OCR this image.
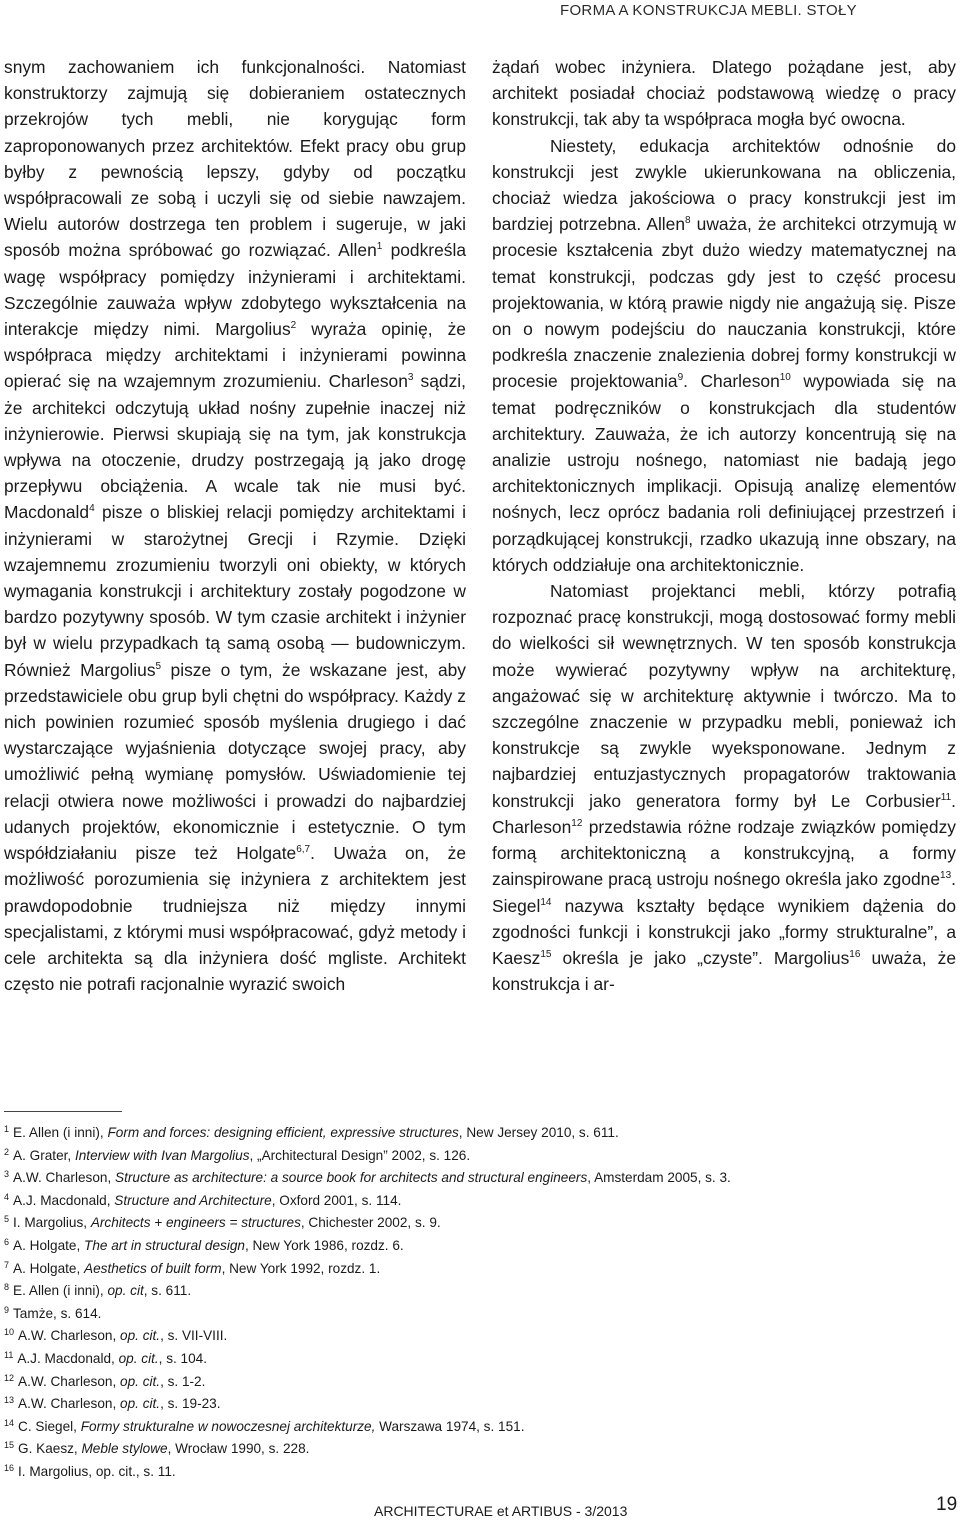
FORMA A KONSTRUKCJA MEBLI. STOŁY

snym zachowaniem ich funkcjonalności. Natomiast konstruktorzy zajmują się dobieraniem ostatecznych przekrojów tych mebli, nie korygując form zaproponowanych przez architektów. Efekt pracy obu grup byłby z pewnością lepszy, gdyby od początku współpracowali ze sobą i uczyli się od siebie nawzajem. Wielu autorów dostrzega ten problem i sugeruje, w jaki sposób można spróbować go rozwiązać. Allen$^1$ podkreśla wagę współpracy pomiędzy inżynierami i architektami. Szczególnie zauważa wpływ zdobytego wykształcenia na interakcje między nimi. Margolius$^2$ wyraża opinię, że współpraca między architektami i inżynierami powinna opierać się na wzajemnym zrozumieniu. Charleson$^3$ sądzi, że architekci odczytują układ nośny zupełnie inaczej niż inżynierowie. Pierwsi skupiają się na tym, jak konstrukcja wpływa na otoczenie, drudzy postrzegają ją jako drogę przepływu obciążenia. A wcale tak nie musi być. Macdonald$^4$ pisze o bliskiej relacji pomiędzy architektami i inżynierami w starożytnej Grecji i Rzymie. Dzięki wzajemnemu zrozumieniu tworzyli oni obiekty, w których wymagania konstrukcji i architektury zostały pogodzone w bardzo pozytywny sposób. W tym czasie architekt i inżynier był w wielu przypadkach tą samą osobą — budowniczym. Również Margolius$^5$ pisze o tym, że wskazane jest, aby przedstawiciele obu grup byli chętni do współpracy. Każdy z nich powinien rozumieć sposób myślenia drugiego i dać wystarczające wyjaśnienia dotyczące swojej pracy, aby umożliwić pełną wymianę pomysłów. Uświadomienie tej relacji otwiera nowe możliwości i prowadzi do najbardziej udanych projektów, ekonomicznie i estetycznie. O tym współdziałaniu pisze też Holgate$^{6,7}$. Uważa on, że możliwość porozumienia się inżyniera z architektem jest prawdopodobnie trudniejsza niż między innymi specjalistami, z którymi musi współpracować, gdyż metody i cele architekta są dla inżyniera dość mgliste. Architekt często nie potrafi racjonalnie wyrazić swoich

żądań wobec inżyniera. Dlatego pożądane jest, aby architekt posiadał chociaż podstawową wiedzę o pracy konstrukcji, tak aby ta współpraca mogła być owocna.

Niestety, edukacja architektów odnośnie do konstrukcji jest zwykle ukierunkowana na obliczenia, chociaż wiedza jakościowa o pracy konstrukcji jest im bardziej potrzebna. Allen$^8$ uważa, że architekci otrzymują w procesie kształcenia zbyt dużo wiedzy matematycznej na temat konstrukcji, podczas gdy jest to część procesu projektowania, w którą prawie nigdy nie angażują się. Pisze on o nowym podejściu do nauczania konstrukcji, które podkreśla znaczenie znalezienia dobrej formy konstrukcji w procesie projektowania$^9$. Charleson$^{10}$ wypowiada się na temat podręczników o konstrukcjach dla studentów architektury. Zauważa, że ich autorzy koncentrują się na analizie ustroju nośnego, natomiast nie badają jego architektonicznych implikacji. Opisują analizę elementów nośnych, lecz oprócz badania roli definiującej przestrzeń i porządkującej konstrukcji, rzadko ukazują inne obszary, na których oddziałuje ona architektonicznie.

Natomiast projektanci mebli, którzy potrafią rozpoznać pracę konstrukcji, mogą dostosować formy mebli do wielkości sił wewnętrznych. W ten sposób konstrukcja może wywierać pozytywny wpływ na architekturę, angażować się w architekturę aktywnie i twórczo. Ma to szczególne znaczenie w przypadku mebli, ponieważ ich konstrukcje są zwykle wyeksponowane. Jednym z najbardziej entuzjastycznych propagatorów traktowania konstrukcji jako generatora formy był Le Corbusier$^{11}$. Charleson$^{12}$ przedstawia różne rodzaje związków pomiędzy formą architektoniczną a konstrukcyjną, a formy zainspirowane pracą ustroju nośnego określa jako zgodne$^{13}$. Siegel$^{14}$ nazywa kształty będące wynikiem dążenia do zgodności funkcji i konstrukcji jako „formy strukturalne”, a Kaesz$^{15}$ określa je jako „czyste”. Margolius$^{16}$ uważa, że konstrukcja i ar-

$^1$ E. Allen (i inni), Form and forces: designing efficient, expressive structures, New Jersey 2010, s. 611.
$^2$ A. Grater, Interview with Ivan Margolius, „Architectural Design” 2002, s. 126.
$^3$ A.W. Charleson, Structure as architecture: a source book for architects and structural engineers, Amsterdam 2005, s. 3.
$^4$ A.J. Macdonald, Structure and Architecture, Oxford 2001, s. 114.
$^5$ I. Margolius, Architects + engineers = structures, Chichester 2002, s. 9.
$^6$ A. Holgate, The art in structural design, New York 1986, rozdz. 6.
$^7$ A. Holgate, Aesthetics of built form, New York 1992, rozdz. 1.
$^8$ E. Allen (i inni), op. cit, s. 611.
$^9$ Tamże, s. 614.
$^{10}$ A.W. Charleson, op. cit., s. VII-VIII.
$^{11}$ A.J. Macdonald, op. cit., s. 104.
$^{12}$ A.W. Charleson, op. cit., s. 1-2.
$^{13}$ A.W. Charleson, op. cit., s. 19-23.
$^{14}$ C. Siegel, Formy strukturalne w nowoczesnej architekturze, Warszawa 1974, s. 151.
$^{15}$ G. Kaesz, Meble stylowe, Wrocław 1990, s. 228.
$^{16}$ I. Margolius, op. cit., s. 11.
ARCHITECTURAE et ARTIBUS - 3/2013	19
